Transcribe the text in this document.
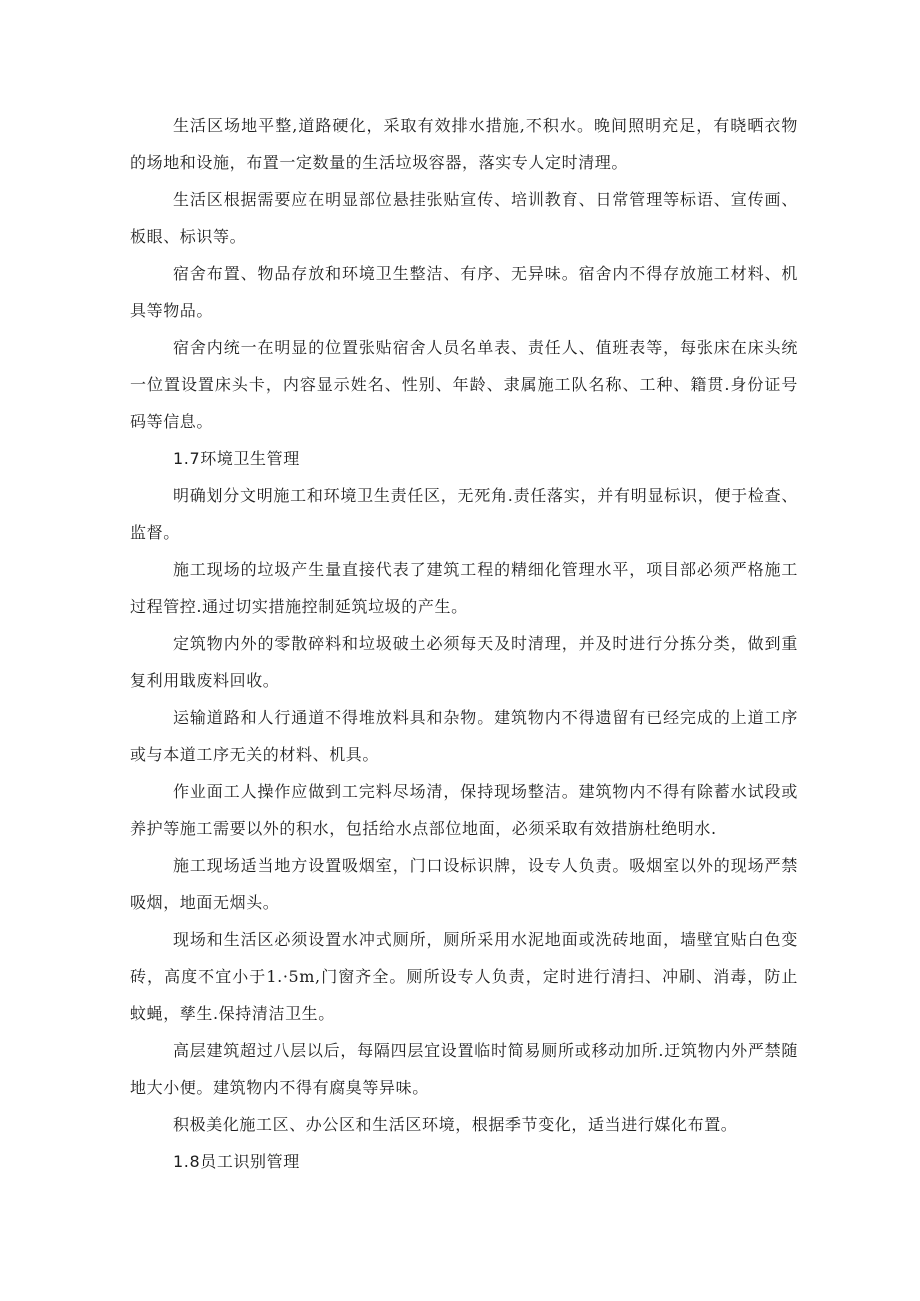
生活区场地平整,道路硬化，采取有效排水措施,不积水。晚间照明充足，有晓晒衣物的场地和设施，布置一定数量的生活垃圾容器，落实专人定时清理。

生活区根据需要应在明显部位悬挂张贴宣传、培训教育、日常管理等标语、宣传画、板眼、标识等。

宿舍布置、物品存放和环境卫生整洁、有序、无异味。宿舍内不得存放施工材料、机具等物品。

宿舍内统一在明显的位置张贴宿舍人员名单表、责任人、值班表等，每张床在床头统一位置设置床头卡，内容显示姓名、性别、年龄、隶属施工队名称、工种、籍贯.身份证号码等信息。

1.7环境卫生管理

明确划分文明施工和环境卫生责任区，无死角.责任落实，并有明显标识，便于检查、监督。

施工现场的垃圾产生量直接代表了建筑工程的精细化管理水平，项目部必须严格施工过程管控.通过切实措施控制延筑垃圾的产生。

定筑物内外的零散碎料和垃圾破土必须每天及时清理，并及时进行分拣分类，做到重复利用戢废料回收。

运输道路和人行通道不得堆放料具和杂物。建筑物内不得遗留有已经完成的上道工序或与本道工序无关的材料、机具。

作业面工人操作应做到工完料尽场清，保持现场整洁。建筑物内不得有除蓄水试段或养护等施工需要以外的积水，包括给水点部位地面，必须采取有效措旃杜绝明水.

施工现场适当地方设置吸烟室，门口设标识牌，设专人负责。吸烟室以外的现场严禁吸烟，地面无烟头。

现场和生活区必须设置水冲式厕所，厕所采用水泥地面或洗砖地面，墙壁宜贴白色变砖，高度不宜小于1.·5m,门窗齐全。厕所设专人负责，定时进行清扫、冲刷、消毒，防止蚊蝇，孳生.保持清洁卫生。

高层建筑超过八层以后，每隔四层宜设置临时简易厕所或移动加所.迂筑物内外严禁随地大小便。建筑物内不得有腐臭等异味。

积极美化施工区、办公区和生活区环境，根据季节变化，适当进行媒化布置。

1.8员工识别管理
